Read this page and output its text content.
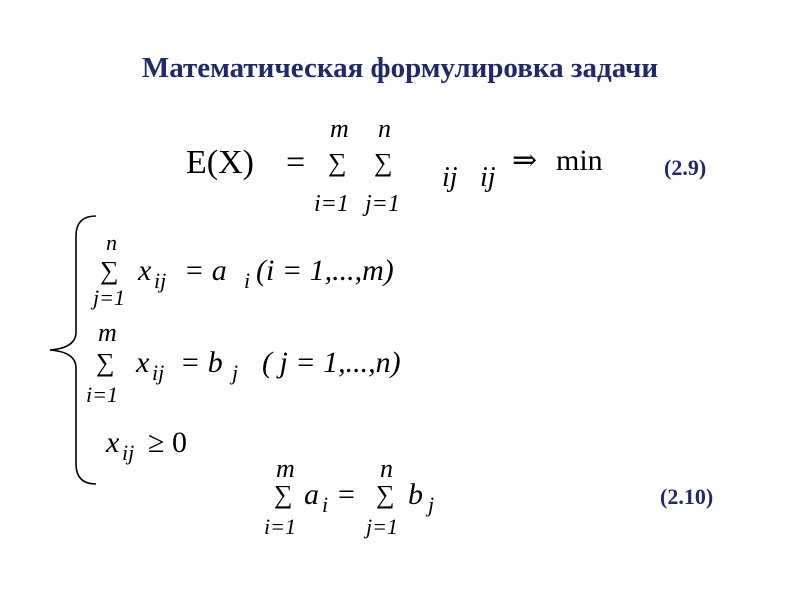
Математическая формулировка задачи
E(X) =
m
∑
i=1
n
∑
j=1
ij ij
⇒ min	(2.9)
n
∑
j=1
x ij = a i (i = 1,...,m)
m
∑
i=1
x ij = b j ( j = 1,...,n)
x ij ≥ 0
m
∑
i=1
a i =
n
∑
j=1
b j	(2.10)
